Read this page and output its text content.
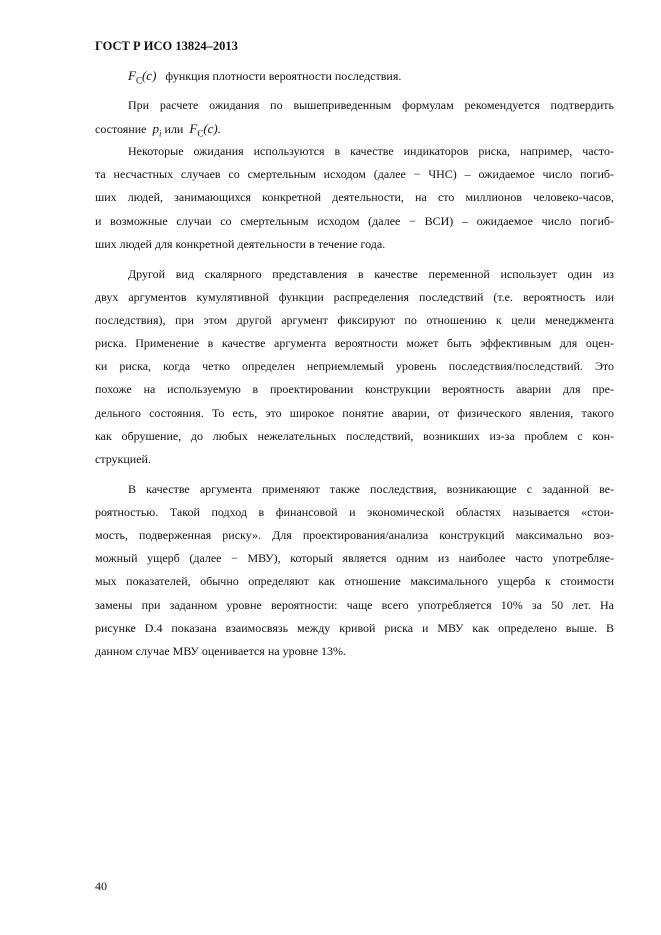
ГОСТ Р ИСО 13824–2013
$F_C(c)$ функция плотности вероятности последствия.
При расчете ожидания по вышеприведенным формулам рекомендуется подтвердить
состояние $p_i$ или $F_C(c)$.
Некоторые ожидания используются в качестве индикаторов риска, например, часто-
та несчастных случаев со смертельным исходом (далее − ЧНС) – ожидаемое число погиб-
ших людей, занимающихся конкретной деятельности, на сто миллионов человеко-часов,
и возможные случаи со смертельным исходом (далее − ВСИ) – ожидаемое число погиб-
ших людей для конкретной деятельности в течение года.
Другой вид скалярного представления в качестве переменной использует один из
двух аргументов кумулятивной функции распределения последствий (т.е. вероятность или
последствия), при этом другой аргумент фиксируют по отношению к цели менеджмента
риска. Применение в качестве аргумента вероятности может быть эффективным для оцен-
ки риска, когда четко определен неприемлемый уровень последствия/последствий. Это
похоже на используемую в проектировании конструкции вероятность аварии для пре-
дельного состояния. То есть, это широкое понятие аварии, от физического явления, такого
как обрушение, до любых нежелательных последствий, возникших из-за проблем с кон-
струкцией.
В качестве аргумента применяют также последствия, возникающие с заданной ве-
роятностью. Такой подход в финансовой и экономической областях называется «стои-
мость, подверженная риску». Для проектирования/анализа конструкций максимально воз-
можный ущерб (далее − МВУ), который является одним из наиболее часто употребляе-
мых показателей, обычно определяют как отношение максимального ущерба к стоимости
замены при заданном уровне вероятности: чаще всего употребляется 10% за 50 лет. На
рисунке D.4 показана взаимосвязь между кривой риска и МВУ как определено выше. В
данном случае МВУ оценивается на уровне 13%.
40
